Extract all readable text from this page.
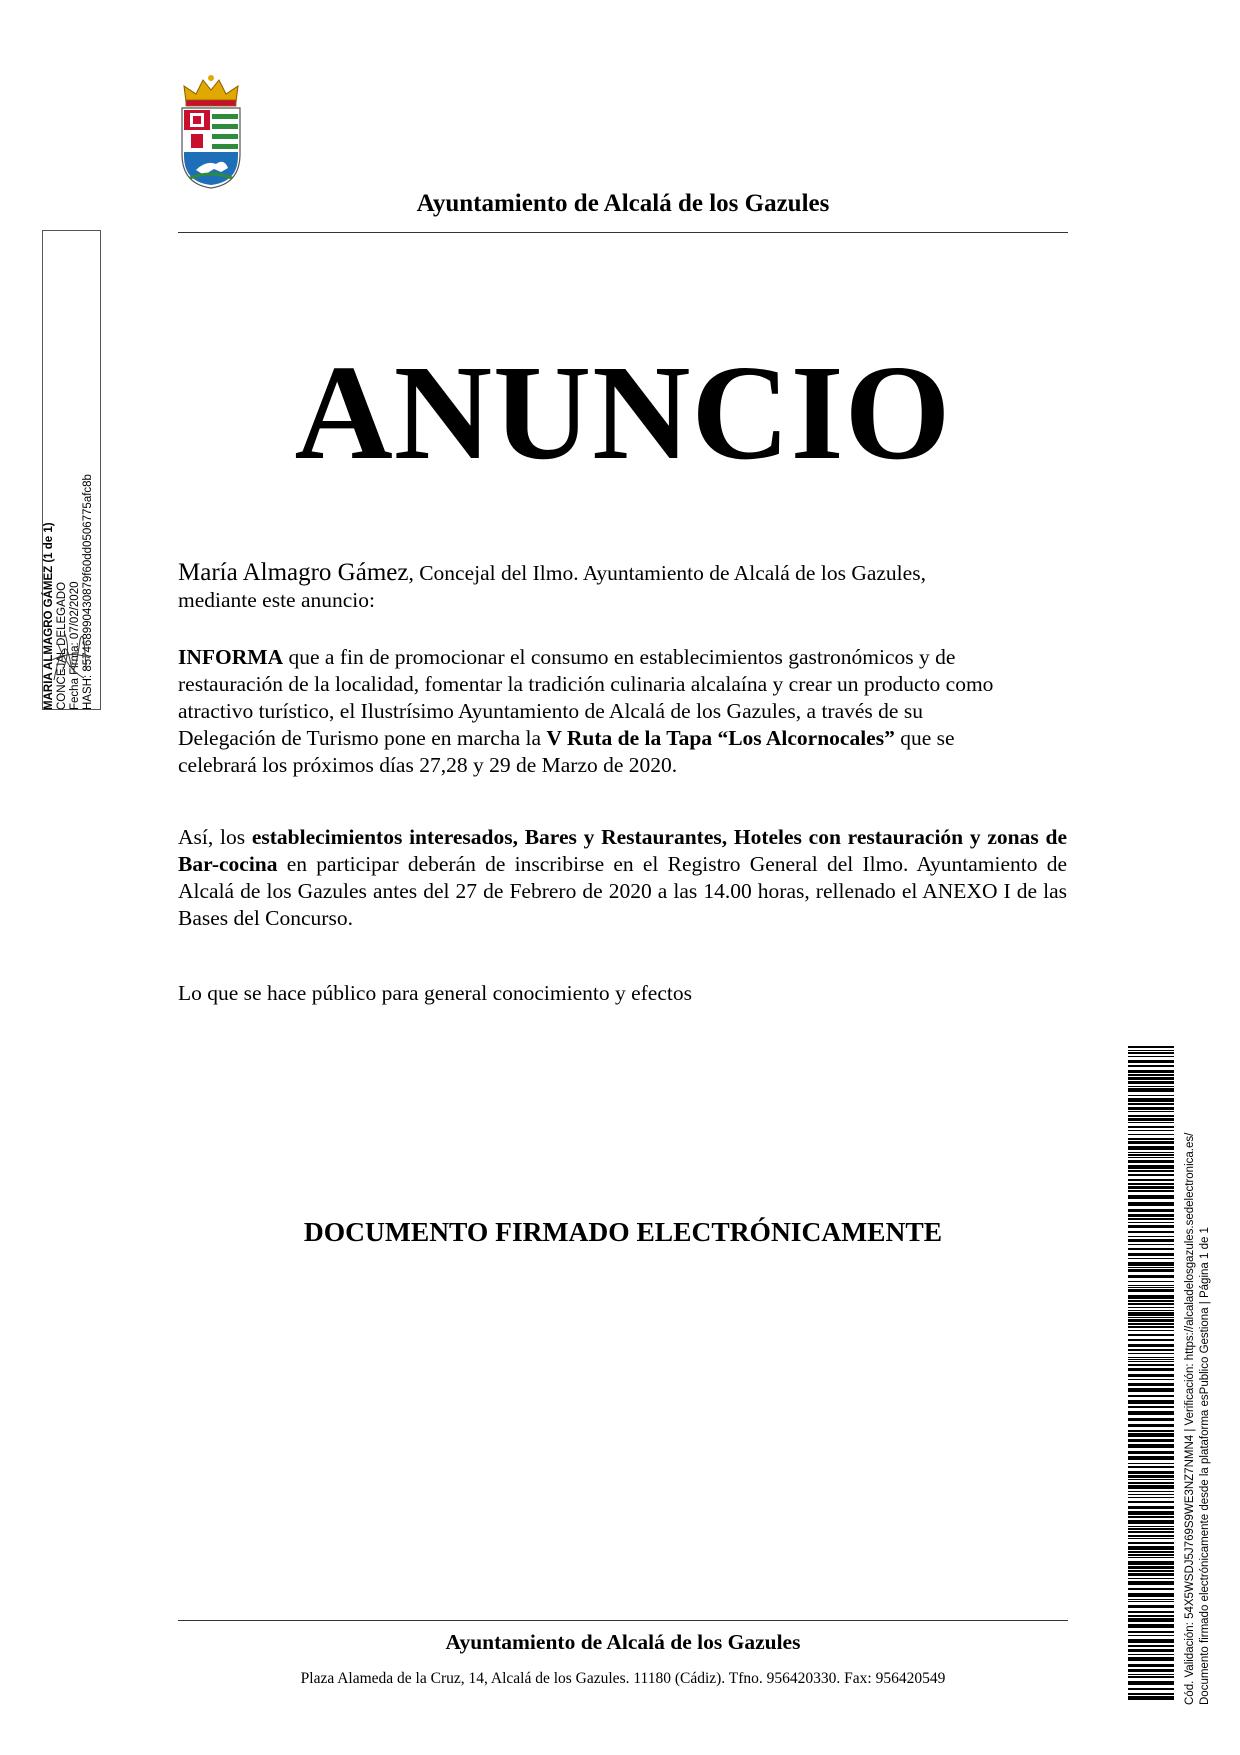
Ayuntamiento de Alcalá de los Gazules
ANUNCIO
María Almagro Gámez, Concejal del Ilmo. Ayuntamiento de Alcalá de los Gazules,
mediante este anuncio:
INFORMA que a fin de promocionar el consumo en establecimientos gastronómicos y de
restauración de la localidad, fomentar la tradición culinaria alcalaína y crear un producto como
atractivo turístico, el Ilustrísimo Ayuntamiento de Alcalá de los Gazules, a través de su
Delegación de Turismo pone en marcha la V Ruta de la Tapa “Los Alcornocales” que se
celebrará los próximos días 27,28 y 29 de Marzo de 2020.
Así, los establecimientos interesados, Bares y Restaurantes, Hoteles con restauración y zonas de Bar-cocina en participar deberán de inscribirse en el Registro General del Ilmo. Ayuntamiento de Alcalá de los Gazules antes del 27 de Febrero de 2020 a las 14.00 horas, rellenado el ANEXO I de las Bases del Concurso.
Lo que se hace público para general conocimiento y efectos
DOCUMENTO FIRMADO ELECTRÓNICAMENTE
Ayuntamiento de Alcalá de los Gazules
Plaza Alameda de la Cruz, 14, Alcalá de los Gazules. 11180 (Cádiz). Tfno. 956420330. Fax: 956420549
MARIA ALMAGRO GÁMEZ (1 de 1) CONCEJAL DELEGADO Fecha Firma: 07/02/2020 HASH: 857468990430879f60dd0506775afc8b
Cód. Validación: 54X5WSDJ5J769S9WE3NZ7NMN4 | Verificación: https://alcaladelosgazules.sedelectronica.es/ Documento firmado electrónicamente desde la plataforma esPublico Gestiona | Página 1 de 1
